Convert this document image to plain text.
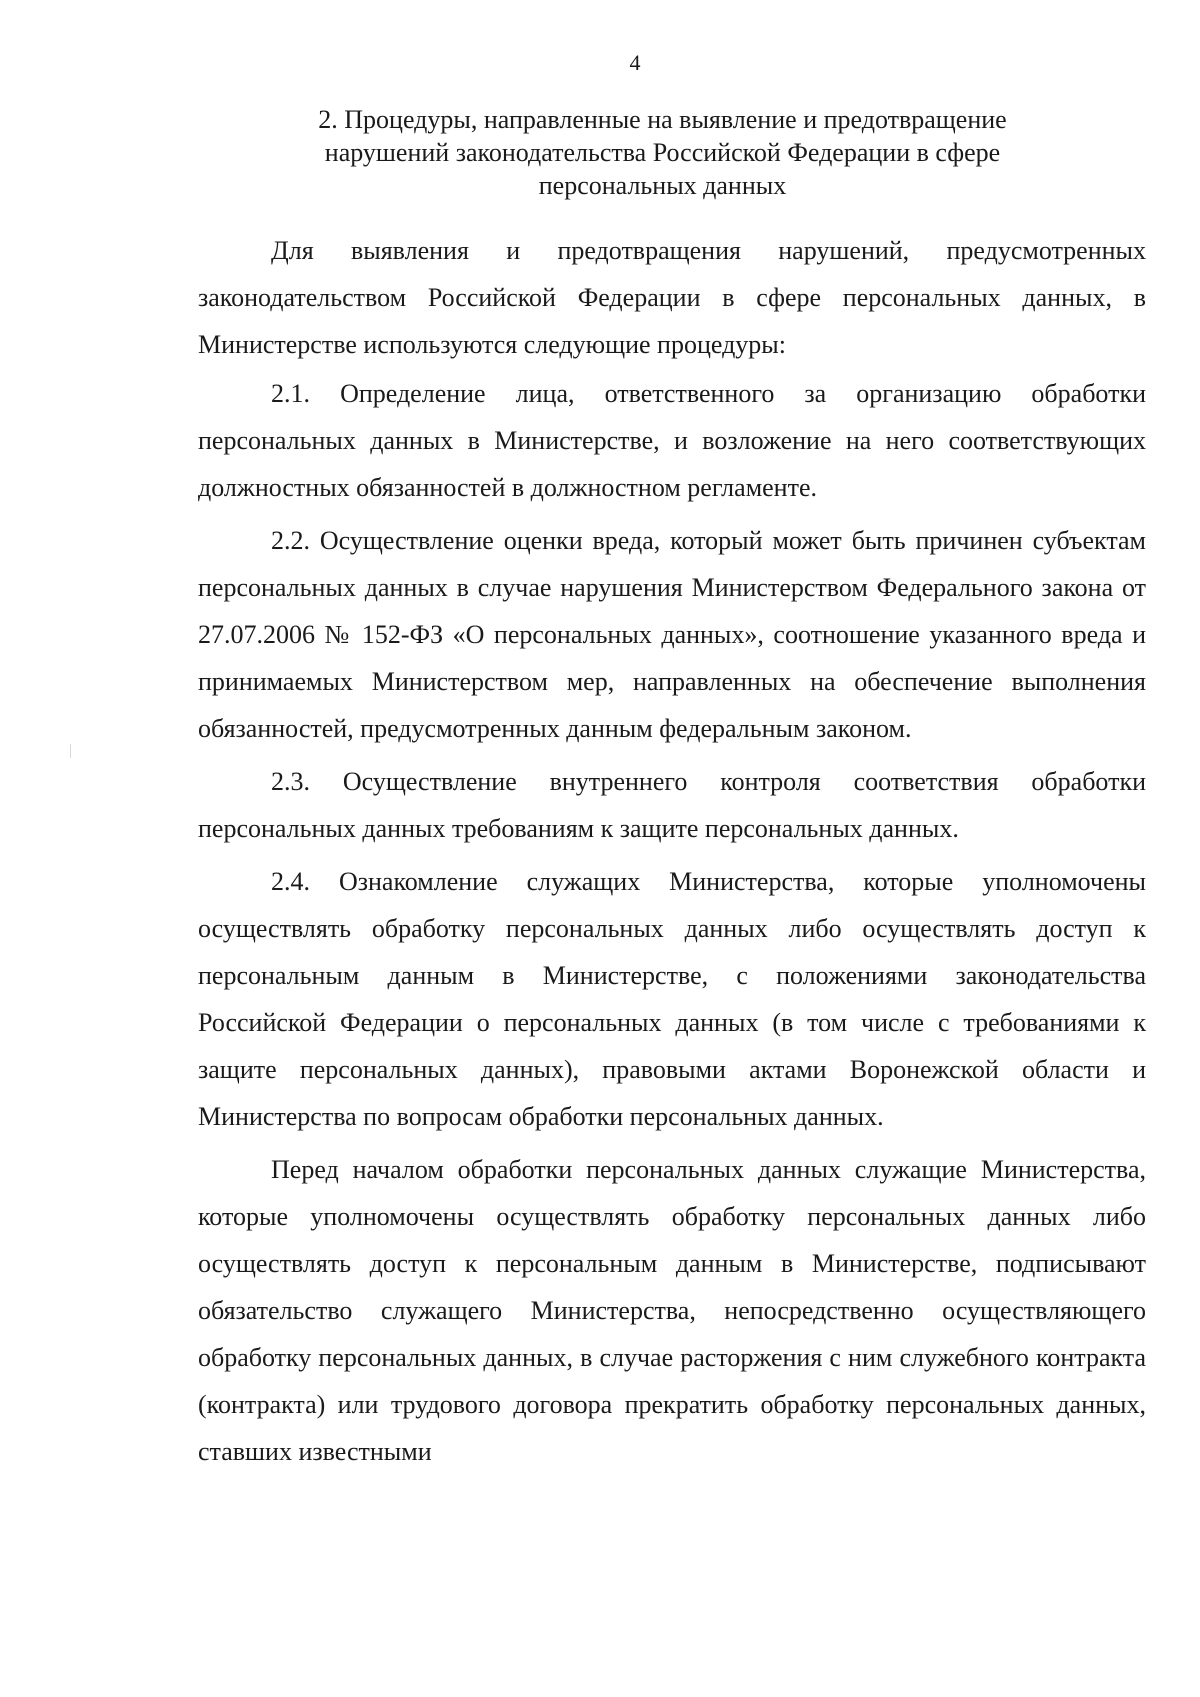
4
2. Процедуры, направленные на выявление и предотвращение нарушений законодательства Российской Федерации в сфере персональных данных

Для выявления и предотвращения нарушений, предусмотренных законодательством Российской Федерации в сфере персональных данных, в Министерстве используются следующие процедуры:

2.1. Определение лица, ответственного за организацию обработки персональных данных в Министерстве, и возложение на него соответствующих должностных обязанностей в должностном регламенте.

2.2. Осуществление оценки вреда, который может быть причинен субъектам персональных данных в случае нарушения Министерством Федерального закона от 27.07.2006 № 152-ФЗ «О персональных данных», соотношение указанного вреда и принимаемых Министерством мер, направленных на обеспечение выполнения обязанностей, предусмотренных данным федеральным законом.

2.3. Осуществление внутреннего контроля соответствия обработки персональных данных требованиям к защите персональных данных.

2.4. Ознакомление служащих Министерства, которые уполномочены осуществлять обработку персональных данных либо осуществлять доступ к персональным данным в Министерстве, с положениями законодательства Российской Федерации о персональных данных (в том числе с требованиями к защите персональных данных), правовыми актами Воронежской области и Министерства по вопросам обработки персональных данных.

Перед началом обработки персональных данных служащие Министерства, которые уполномочены осуществлять обработку персональных данных либо осуществлять доступ к персональным данным в Министерстве, подписывают обязательство служащего Министерства, непосредственно осуществляющего обработку персональных данных, в случае расторжения с ним служебного контракта (контракта) или трудового договора прекратить обработку персональных данных, ставших известными
